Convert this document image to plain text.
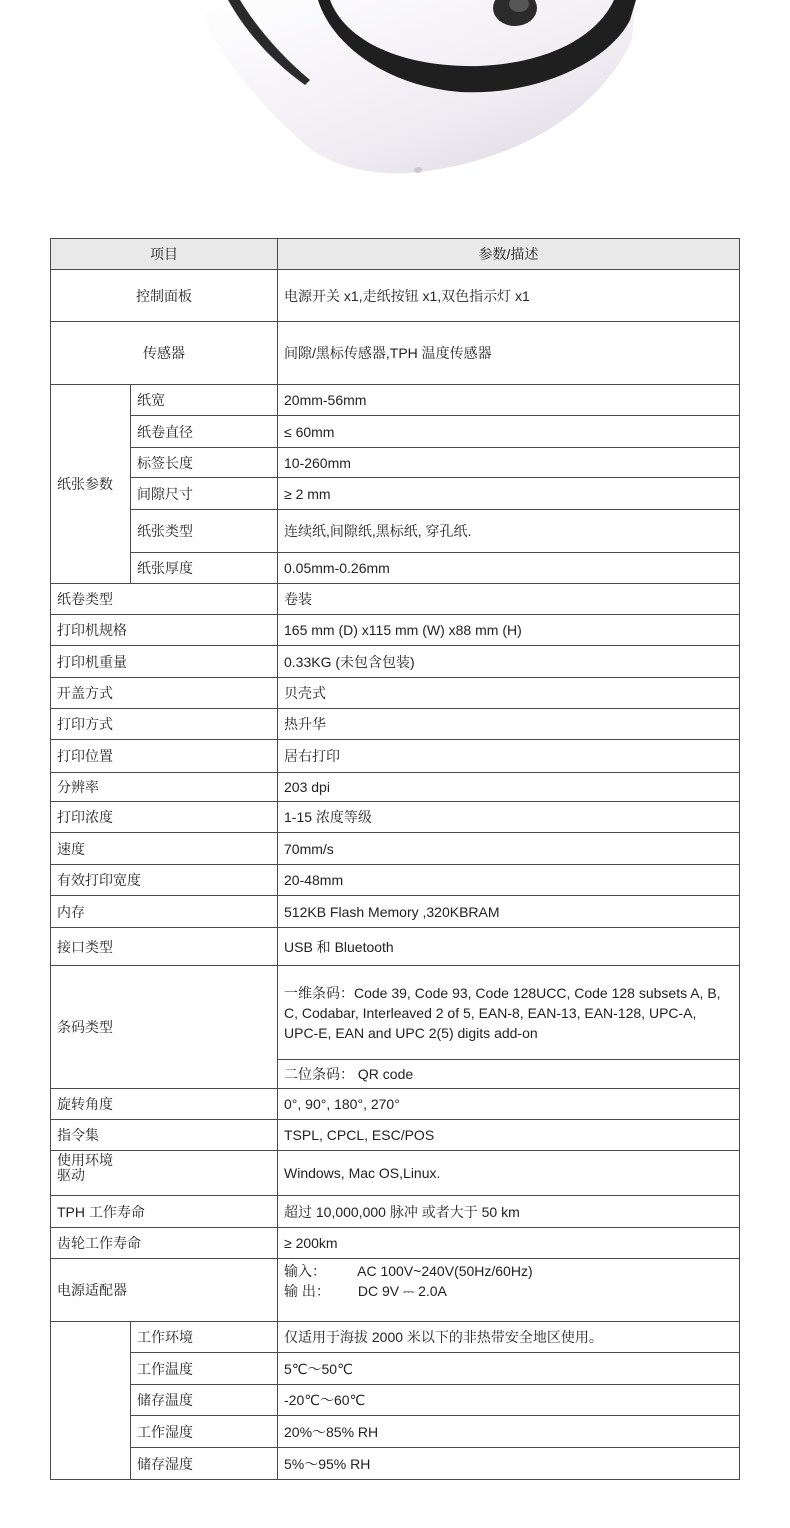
项目		参数/描述
控制面板		电源开关 x1,走纸按钮 x1,双色指示灯 x1
传感器		间隙/黑标传感器,TPH 温度传感器
纸张参数	纸宽	20mm-56mm
	纸卷直径	≤ 60mm
	标签长度	10-260mm
	间隙尺寸	≥ 2 mm
	纸张类型	连续纸,间隙纸,黑标纸, 穿孔纸.
	纸张厚度	0.05mm-0.26mm
纸卷类型		卷装
打印机规格		165 mm (D) x115 mm (W) x88 mm (H)
打印机重量		0.33KG (未包含包装)
开盖方式		贝壳式
打印方式		热升华
打印位置		居右打印
分辨率		203 dpi
打印浓度		1-15 浓度等级
速度		70mm/s
有效打印宽度		20-48mm
内存		512KB Flash Memory ,320KBRAM
接口类型		USB 和 Bluetooth
条码类型		一维条码：Code 39, Code 93, Code 128UCC, Code 128 subsets A, B, C, Codabar, Interleaved 2 of 5, EAN-8, EAN-13, EAN-128, UPC-A, UPC-E, EAN and UPC 2(5) digits add-on
		二位条码： QR code
旋转角度		0°, 90°, 180°, 270°
指令集		TSPL, CPCL, ESC/POS

使用环境
驱动		Windows, Mac OS,Linux.
TPH 工作寿命		超过 10,000,000 脉冲 或者大于 50 km
齿轮工作寿命		≥ 200km
电源适配器		输入： AC 100V~240V(50Hz/60Hz)
输 出： DC 9V ⎓ 2.0A

	工作环境	仅适用于海拔 2000 米以下的非热带安全地区使用。
	工作温度	5℃～50℃
	储存温度	-20℃～60℃
	工作湿度	20%～85% RH
	储存湿度	5%～95% RH
